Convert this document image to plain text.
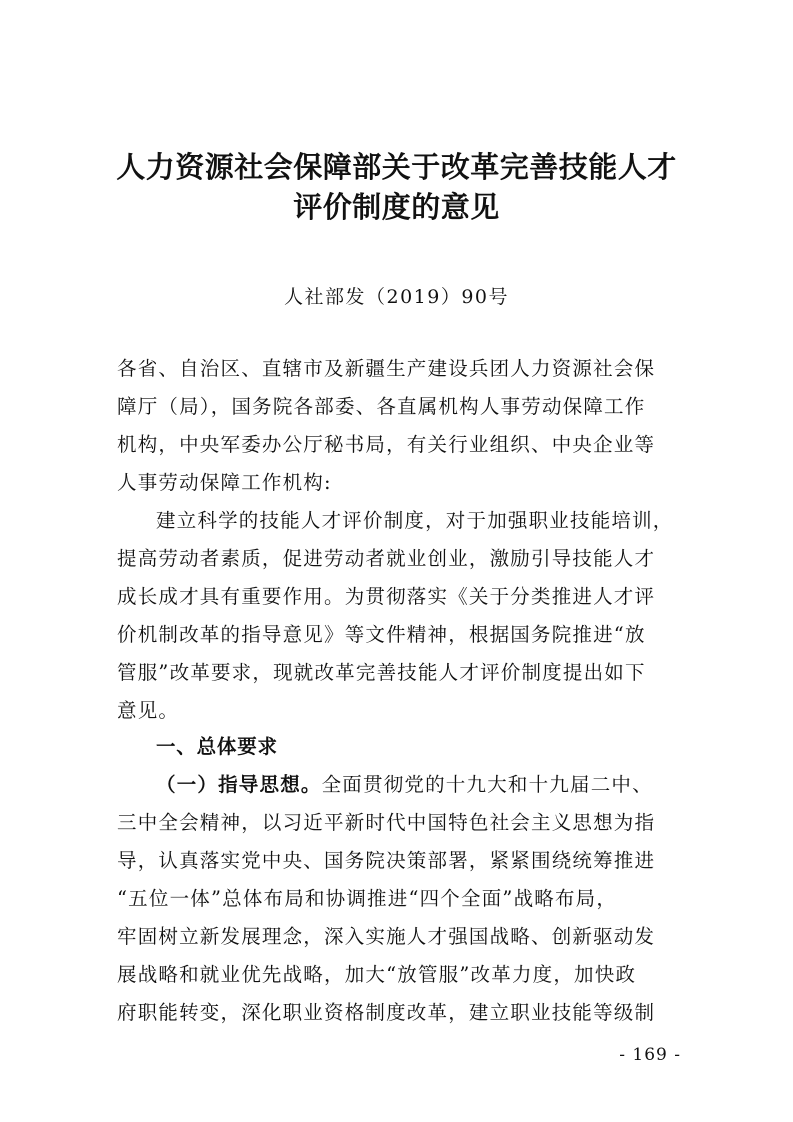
人力资源社会保障部关于改革完善技能人才
评价制度的意见
人社部发（2019）90号
各省、自治区、直辖市及新疆生产建设兵团人力资源社会保
障厅（局），国务院各部委、各直属机构人事劳动保障工作
机构，中央军委办公厅秘书局，有关行业组织、中央企业等
人事劳动保障工作机构:
建立科学的技能人才评价制度，对于加强职业技能培训，
提高劳动者素质，促进劳动者就业创业，激励引导技能人才
成长成才具有重要作用。为贯彻落实《关于分类推进人才评
价机制改革的指导意见》等文件精神，根据国务院推进“放
管服”改革要求，现就改革完善技能人才评价制度提出如下
意见。
一、总体要求
（一）指导思想。全面贯彻党的十九大和十九届二中、
三中全会精神，以习近平新时代中国特色社会主义思想为指
导，认真落实党中央、国务院决策部署，紧紧围绕统筹推进
“五位一体”总体布局和协调推进“四个全面”战略布局，
牢固树立新发展理念，深入实施人才强国战略、创新驱动发
展战略和就业优先战略，加大“放管服”改革力度，加快政
府职能转变，深化职业资格制度改革，建立职业技能等级制
- 169 -
